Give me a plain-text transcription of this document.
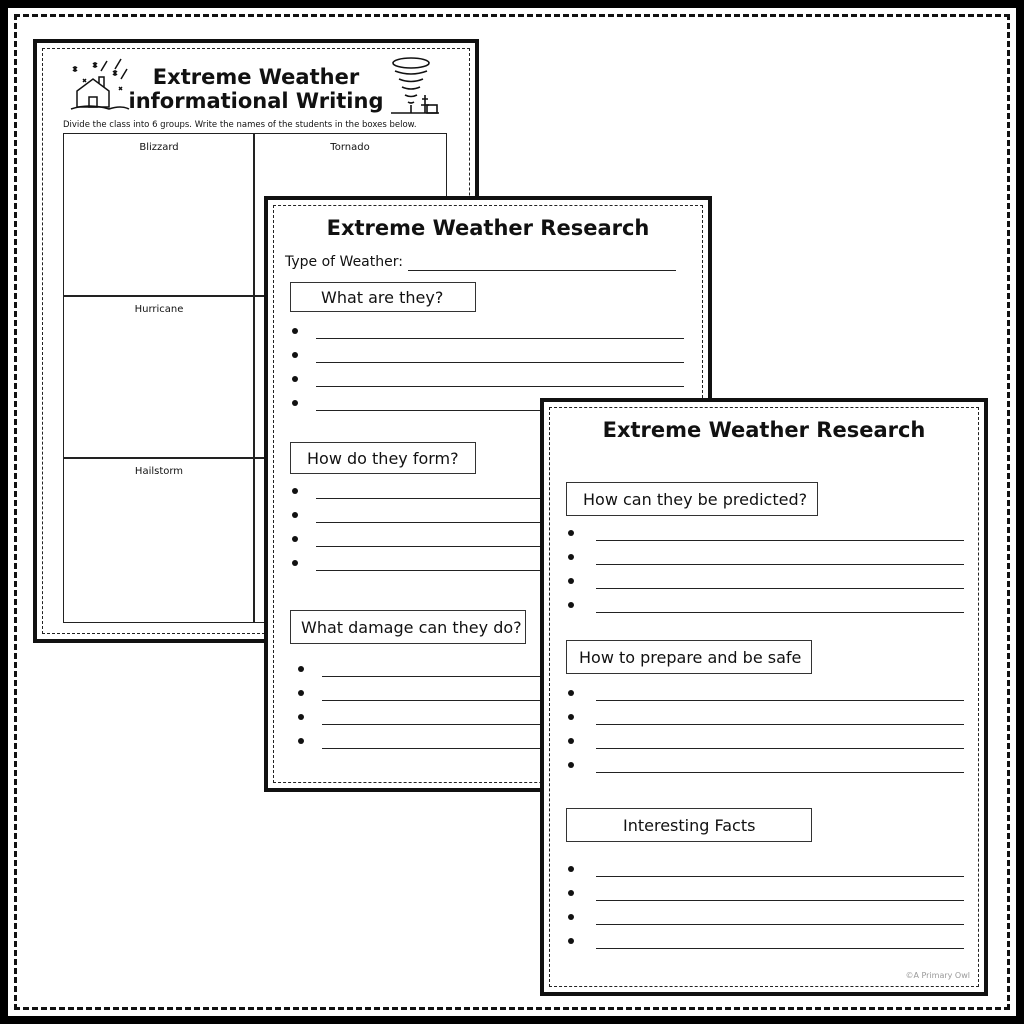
Extreme Weather
informational Writing
Divide the class into 6 groups. Write the names of the students in the boxes below.
Blizzard	Tornado
Hurricane
Hailstorm
Extreme Weather Research
Type of Weather:
What are they?
How do they form?
What damage can they do?
Extreme Weather Research
How can they be predicted?
How to prepare and be safe
Interesting Facts
©A Primary Owl
